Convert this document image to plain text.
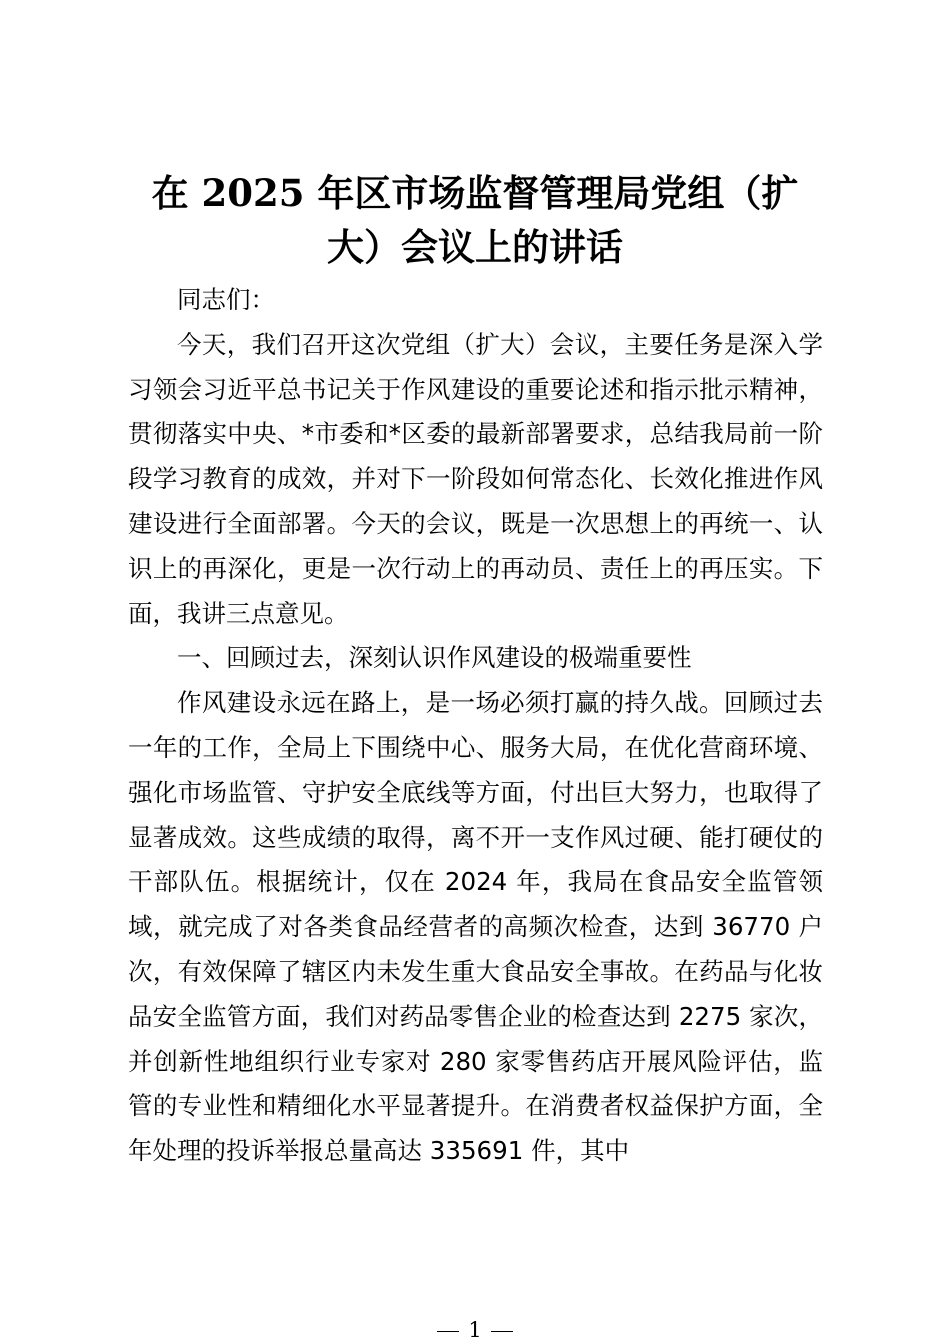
在 2025 年区市场监督管理局党组（扩
大）会议上的讲话

同志们：

今天，我们召开这次党组（扩大）会议，主要任务是深入学习领会习近平总书记关于作风建设的重要论述和指示批示精神，贯彻落实中央、*市委和*区委的最新部署要求，总结我局前一阶段学习教育的成效，并对下一阶段如何常态化、长效化推进作风建设进行全面部署。今天的会议，既是一次思想上的再统一、认识上的再深化，更是一次行动上的再动员、责任上的再压实。下面，我讲三点意见。

一、回顾过去，深刻认识作风建设的极端重要性

作风建设永远在路上，是一场必须打赢的持久战。回顾过去一年的工作，全局上下围绕中心、服务大局，在优化营商环境、强化市场监管、守护安全底线等方面，付出巨大努力，也取得了显著成效。这些成绩的取得，离不开一支作风过硬、能打硬仗的干部队伍。根据统计，仅在 2024 年，我局在食品安全监管领域，就完成了对各类食品经营者的高频次检查，达到 36770 户次，有效保障了辖区内未发生重大食品安全事故。在药品与化妆品安全监管方面，我们对药品零售企业的检查达到 2275 家次，并创新性地组织行业专家对 280 家零售药店开展风险评估，监管的专业性和精细化水平显著提升。在消费者权益保护方面，全年处理的投诉举报总量高达 335691 件，其中

1
